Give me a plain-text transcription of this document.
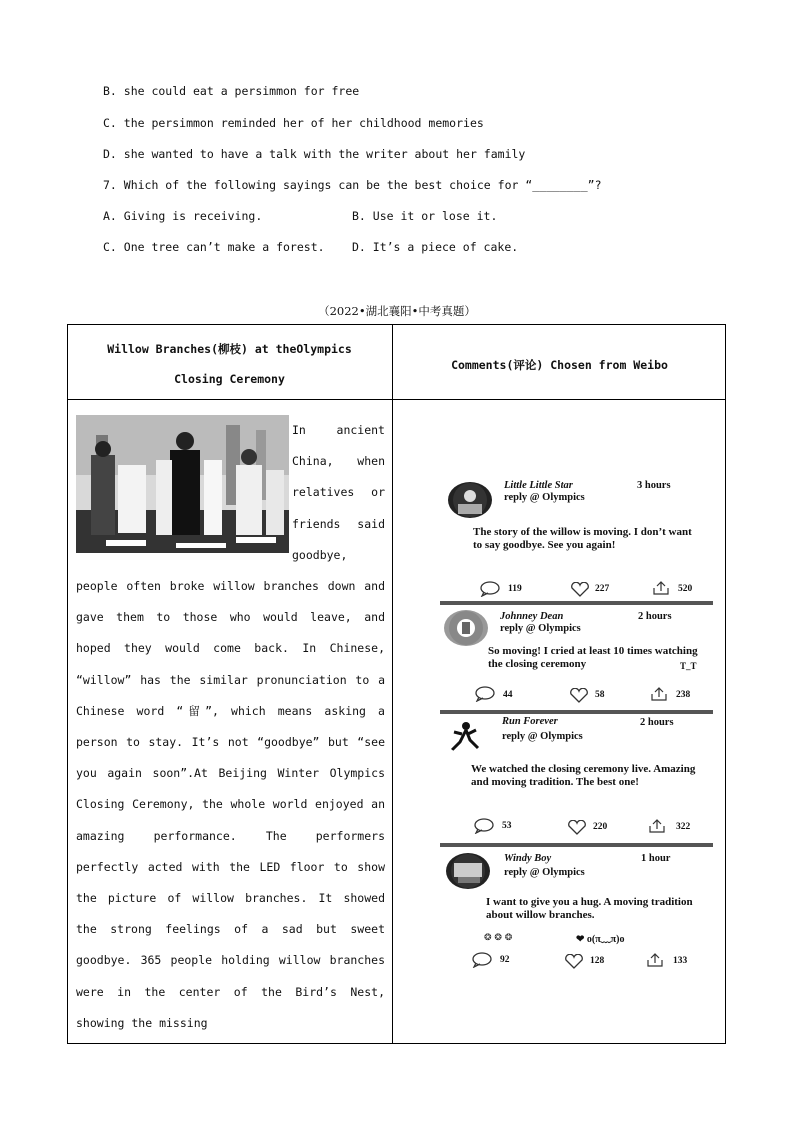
B. she could eat a persimmon for free
C. the persimmon reminded her of her childhood memories
D. she wanted to have a talk with the writer about her family
7. Which of the following sayings can be the best choice for “________”?
A. Giving is receiving.	B. Use it or lose it.
C. One tree can’t make a forest. D. It’s a piece of cake.
（2022•湖北襄阳•中考真题）
Willow Branches(柳枝) at theOlympics
Closing Ceremony
Comments(评论) Chosen from Weibo
In ancient China, when relatives or friends said goodbye, people often broke willow branches down and gave them to those who would leave, and hoped they would come back. In Chinese, “willow” has the similar pronunciation to a Chinese word “留”, which means asking a person to stay. It’s not “goodbye” but “see you again soon”.At Beijing Winter Olympics Closing Ceremony, the whole world enjoyed an amazing performance. The performers perfectly acted with the LED floor to show the picture of willow branches. It showed the strong feelings of a sad but sweet goodbye. 365 people holding willow branches were in the center of the Bird’s Nest, showing the missing
Little Little Star
reply @ Olympics
3 hours
The story of the willow is moving. I don’t want to say goodbye. See you again!
119	227	520
Johnney Dean
reply @ Olympics
2 hours
So moving! I cried at least 10 times watching the closing ceremony	T_T
44	58	238
Run Forever
reply @ Olympics
2 hours
We watched the closing ceremony live. Amazing and moving tradition. The best one!
53	220	322
Windy Boy
reply @ Olympics
1 hour
I want to give you a hug. A moving tradition about willow branches.
❂ ❂ ❂	❤ o(π﹏π)o
92	128	133
